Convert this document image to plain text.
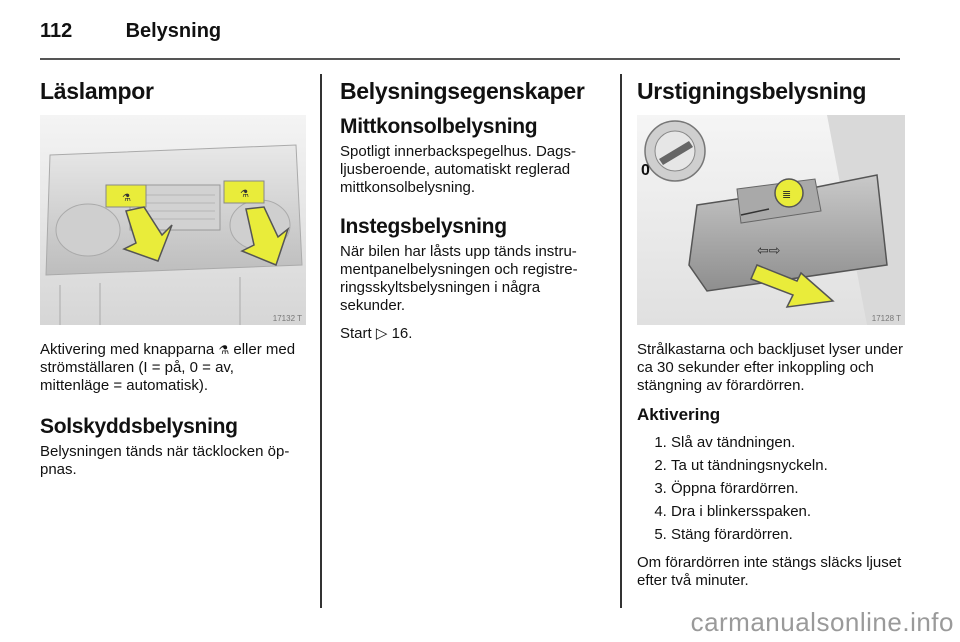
112	Belysning
Läslampor
⚗	⚗
17132 T

Aktivering med knapparna ⚗ eller med strömställaren (I = på, 0 = av, mittenläge = automatisk).

Solskyddsbelysning

Belysningen tänds när täcklocken öp-pnas.

Belysningsegenskaper
Mittkonsolbelysning

Spotligt innerbackspegelhus. Dags-ljusberoende, automatiskt reglerad mittkonsolbelysning.

Instegsbelysning

När bilen har låsts upp tänds instru-mentpanelbelysningen och registre-ringsskyltsbelysningen i några sekunder.

Start ▷ 16.

Urstigningsbelysning
0
≣
⇦⇨
17128 T

Strålkastarna och backljuset lyser under ca 30 sekunder efter inkoppling och stängning av förardörren.

Aktivering
1. Slå av tändningen.
2. Ta ut tändningsnyckeln.
3. Öppna förardörren.
4. Dra i blinkersspaken.
5. Stäng förardörren.

Om förardörren inte stängs släcks ljuset efter två minuter.

carmanualsonline.info
